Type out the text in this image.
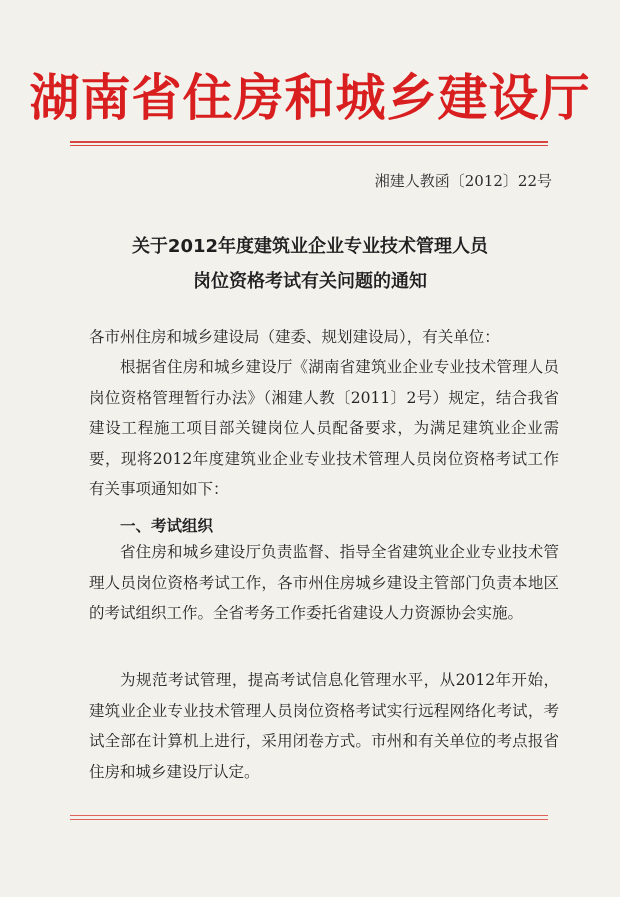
湖南省住房和城乡建设厅
湘建人教函〔2012〕22号
关于2012年度建筑业企业专业技术管理人员
岗位资格考试有关问题的通知
各市州住房和城乡建设局（建委、规划建设局），有关单位：
根据省住房和城乡建设厅《湖南省建筑业企业专业技术管理人员岗位资格管理暂行办法》（湘建人教〔2011〕2号）规定，结合我省建设工程施工项目部关键岗位人员配备要求，为满足建筑业企业需要，现将2012年度建筑业企业专业技术管理人员岗位资格考试工作有关事项通知如下：
一、考试组织
省住房和城乡建设厅负责监督、指导全省建筑业企业专业技术管理人员岗位资格考试工作，各市州住房城乡建设主管部门负责本地区的考试组织工作。全省考务工作委托省建设人力资源协会实施。
为规范考试管理，提高考试信息化管理水平，从2012年开始，建筑业企业专业技术管理人员岗位资格考试实行远程网络化考试，考试全部在计算机上进行，采用闭卷方式。市州和有关单位的考点报省住房和城乡建设厅认定。
